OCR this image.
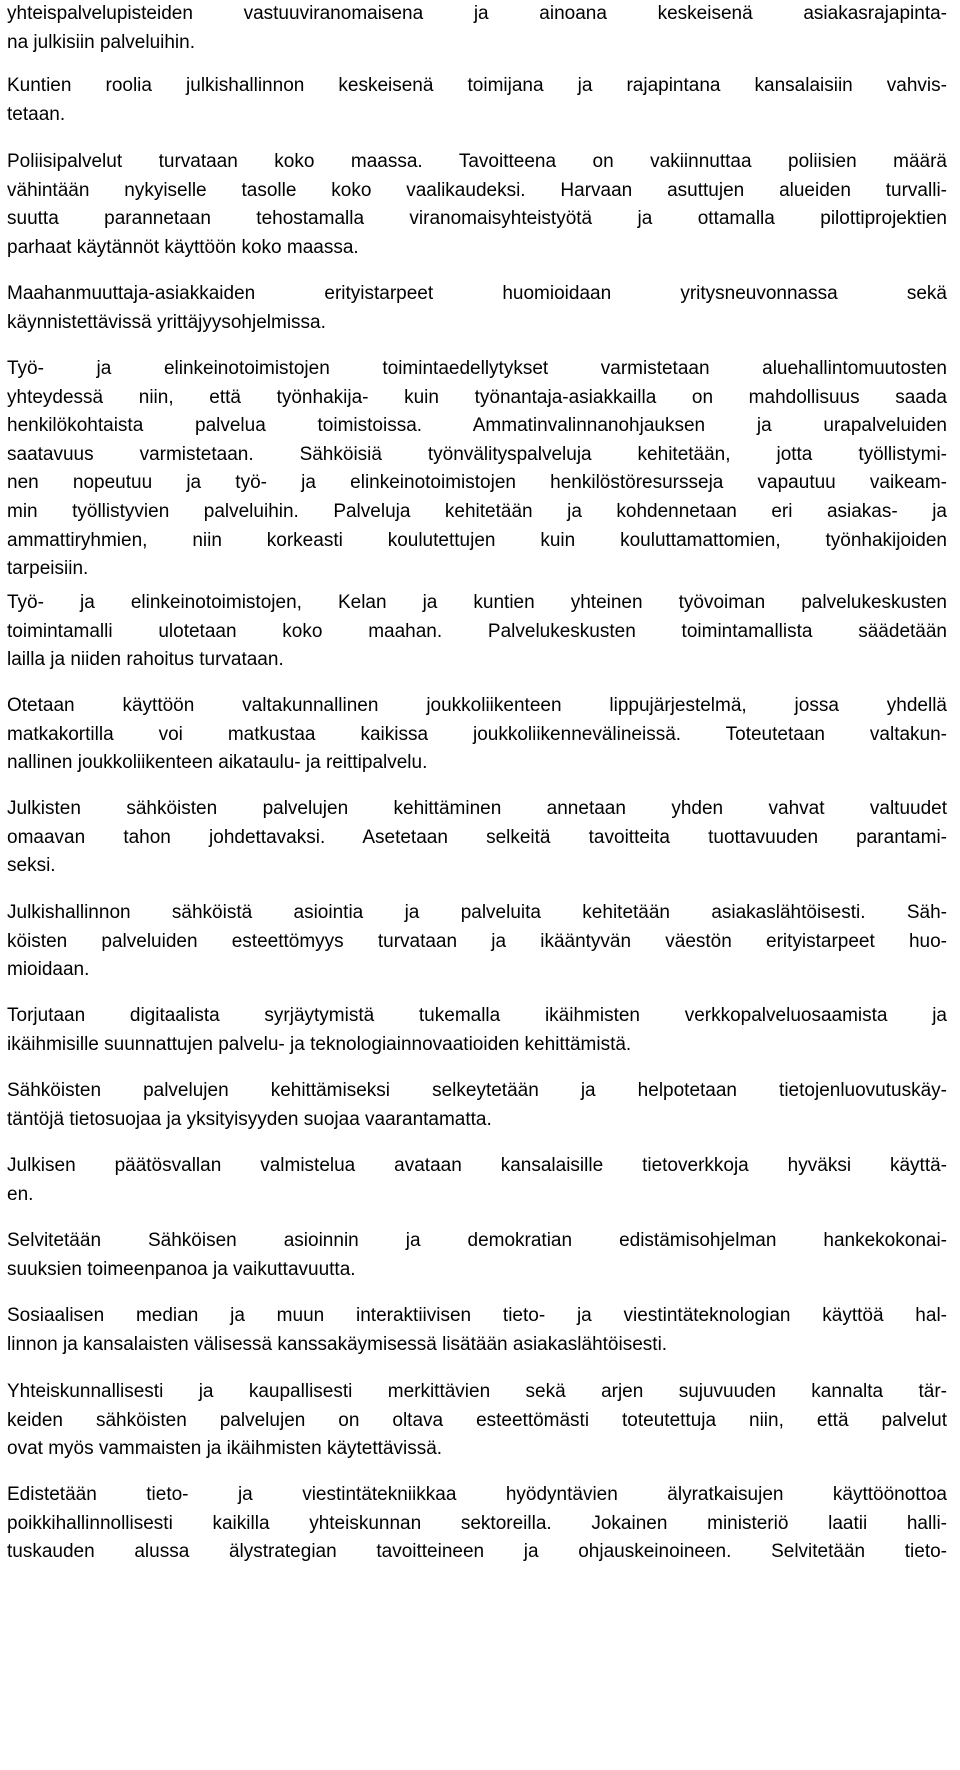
yhteispalvelupisteiden vastuuviranomaisena ja ainoana keskeisenä asiakasrajapinta-
na julkisiin palveluihin.
Kuntien roolia julkishallinnon keskeisenä toimijana ja rajapintana kansalaisiin vahvis-
tetaan.
Poliisipalvelut turvataan koko maassa. Tavoitteena on vakiinnuttaa poliisien määrä
vähintään nykyiselle tasolle koko vaalikaudeksi. Harvaan asuttujen alueiden turvalli-
suutta parannetaan tehostamalla viranomaisyhteistyötä ja ottamalla pilottiprojektien
parhaat käytännöt käyttöön koko maassa.
Maahanmuuttaja-asiakkaiden erityistarpeet huomioidaan yritysneuvonnassa sekä
käynnistettävissä yrittäjyysohjelmissa.
Työ- ja elinkeinotoimistojen toimintaedellytykset varmistetaan aluehallintomuutosten
yhteydessä niin, että työnhakija- kuin työnantaja-asiakkailla on mahdollisuus saada
henkilökohtaista palvelua toimistoissa. Ammatinvalinnanohjauksen ja urapalveluiden
saatavuus varmistetaan. Sähköisiä työnvälityspalveluja kehitetään, jotta työllistymi-
nen nopeutuu ja työ- ja elinkeinotoimistojen henkilöstöresursseja vapautuu vaikeam-
min työllistyvien palveluihin. Palveluja kehitetään ja kohdennetaan eri asiakas- ja
ammattiryhmien, niin korkeasti koulutettujen kuin kouluttamattomien, työnhakijoiden
tarpeisiin.
Työ- ja elinkeinotoimistojen, Kelan ja kuntien yhteinen työvoiman palvelukeskusten
toimintamalli ulotetaan koko maahan. Palvelukeskusten toimintamallista säädetään
lailla ja niiden rahoitus turvataan.
Otetaan käyttöön valtakunnallinen joukkoliikenteen lippujärjestelmä, jossa yhdellä
matkakortilla voi matkustaa kaikissa joukkoliikennevälineissä. Toteutetaan valtakun-
nallinen joukkoliikenteen aikataulu- ja reittipalvelu.
Julkisten sähköisten palvelujen kehittäminen annetaan yhden vahvat valtuudet
omaavan tahon johdettavaksi. Asetetaan selkeitä tavoitteita tuottavuuden parantami-
seksi.
Julkishallinnon sähköistä asiointia ja palveluita kehitetään asiakaslähtöisesti. Säh-
köisten palveluiden esteettömyys turvataan ja ikääntyvän väestön erityistarpeet huo-
mioidaan.
Torjutaan digitaalista syrjäytymistä tukemalla ikäihmisten verkkopalveluosaamista ja
ikäihmisille suunnattujen palvelu- ja teknologiainnovaatioiden kehittämistä.
Sähköisten palvelujen kehittämiseksi selkeytetään ja helpotetaan tietojenluovutuskäy-
täntöjä tietosuojaa ja yksityisyyden suojaa vaarantamatta.
Julkisen päätösvallan valmistelua avataan kansalaisille tietoverkkoja hyväksi käyttä-
en.
Selvitetään Sähköisen asioinnin ja demokratian edistämisohjelman hankekokonai-
suuksien toimeenpanoa ja vaikuttavuutta.
Sosiaalisen median ja muun interaktiivisen tieto- ja viestintäteknologian käyttöä hal-
linnon ja kansalaisten välisessä kanssakäymisessä lisätään asiakaslähtöisesti.
Yhteiskunnallisesti ja kaupallisesti merkittävien sekä arjen sujuvuuden kannalta tär-
keiden sähköisten palvelujen on oltava esteettömästi toteutettuja niin, että palvelut
ovat myös vammaisten ja ikäihmisten käytettävissä.
Edistetään tieto- ja viestintätekniikkaa hyödyntävien älyratkaisujen käyttöönottoa
poikkihallinnollisesti kaikilla yhteiskunnan sektoreilla. Jokainen ministeriö laatii halli-
tuskauden alussa älystrategian tavoitteineen ja ohjauskeinoineen. Selvitetään tieto-
